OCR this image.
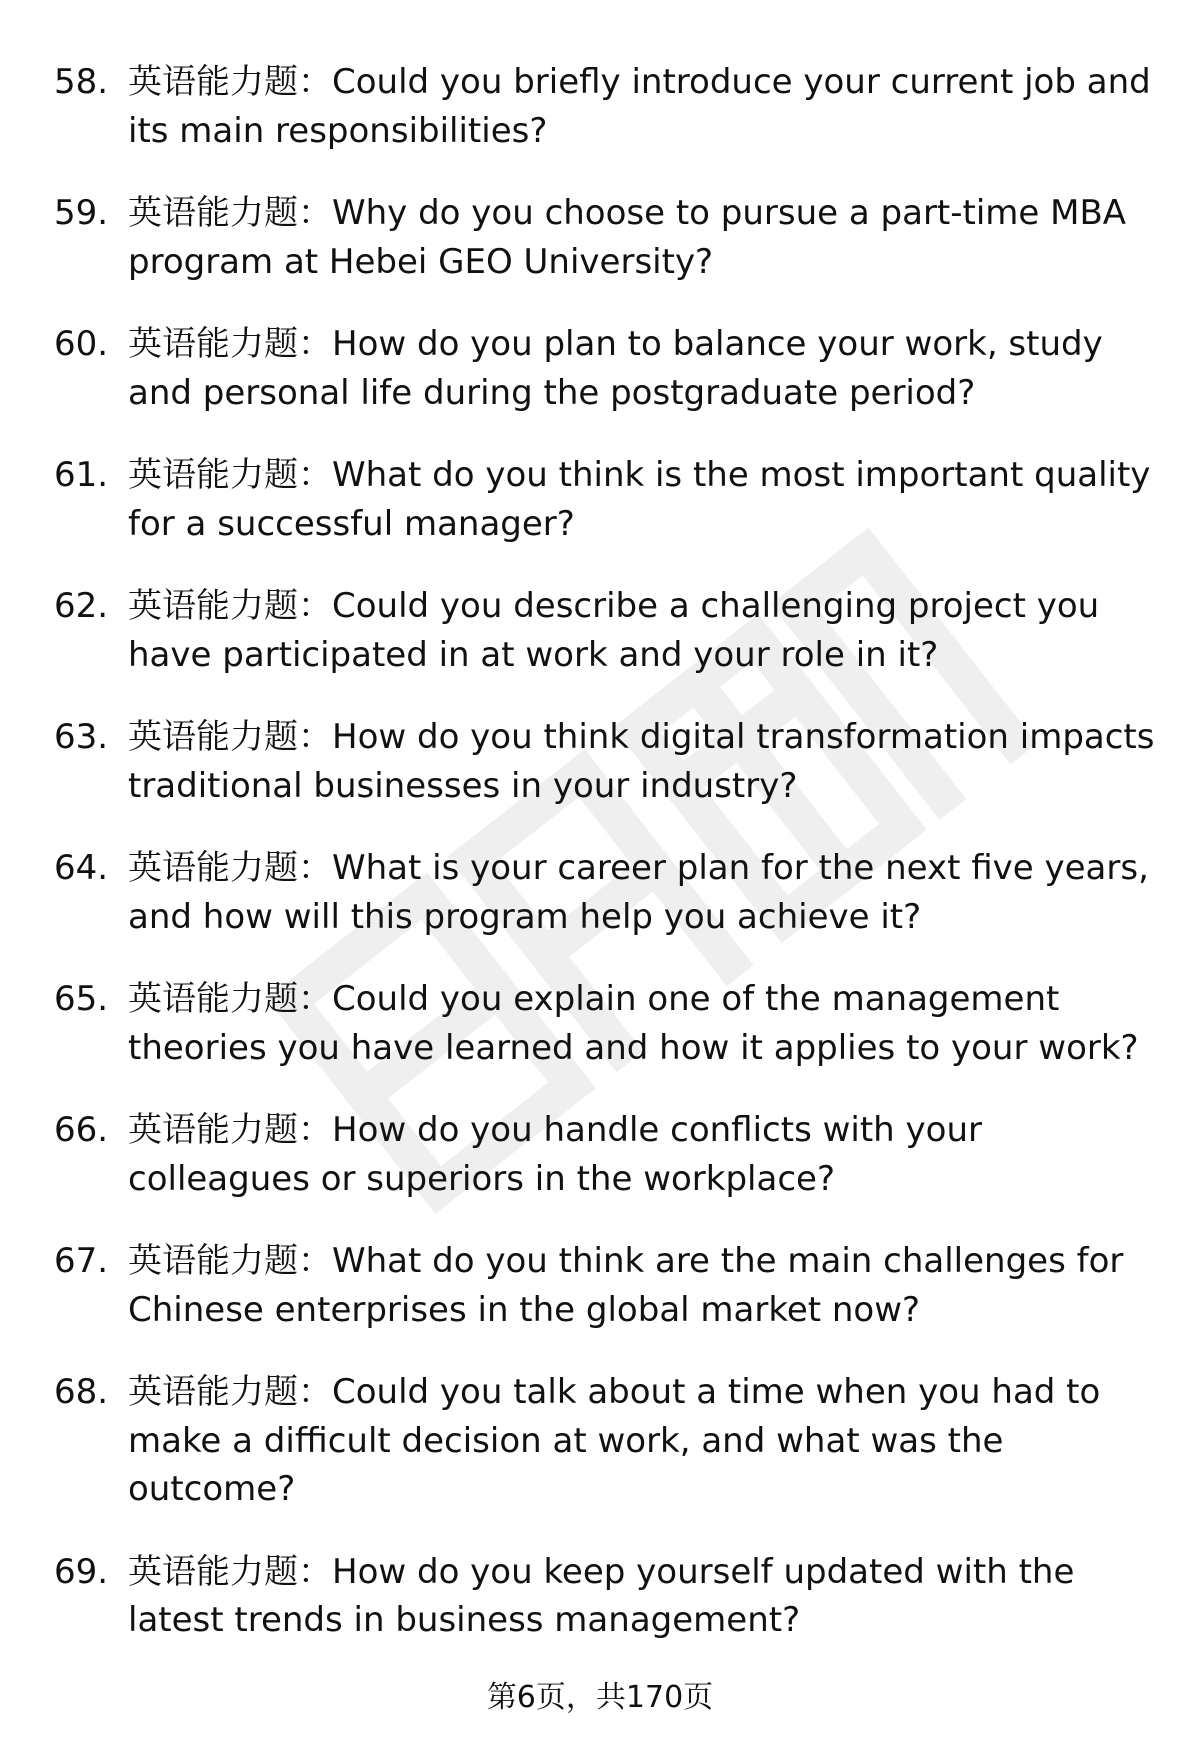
58. 英语能力题：Could you briefly introduce your current job and its main responsibilities?
59. 英语能力题：Why do you choose to pursue a part-time MBA program at Hebei GEO University?
60. 英语能力题：How do you plan to balance your work, study and personal life during the postgraduate period?
61. 英语能力题：What do you think is the most important quality for a successful manager?
62. 英语能力题：Could you describe a challenging project you have participated in at work and your role in it?
63. 英语能力题：How do you think digital transformation impacts traditional businesses in your industry?
64. 英语能力题：What is your career plan for the next five years, and how will this program help you achieve it?
65. 英语能力题：Could you explain one of the management theories you have learned and how it applies to your work?
66. 英语能力题：How do you handle conflicts with your colleagues or superiors in the workplace?
67. 英语能力题：What do you think are the main challenges for Chinese enterprises in the global market now?
68. 英语能力题：Could you talk about a time when you had to make a difficult decision at work, and what was the outcome?
69. 英语能力题：How do you keep yourself updated with the latest trends in business management?
第6页，共170页
